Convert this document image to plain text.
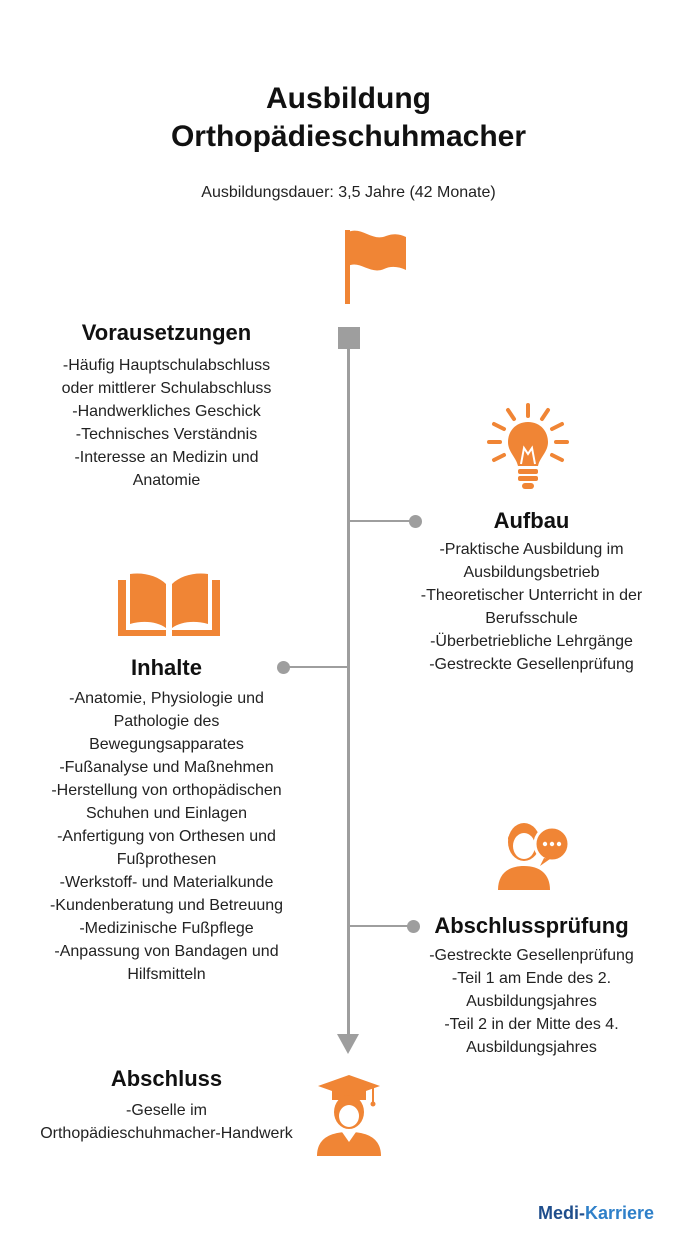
Ausbildung
Orthopädieschuhmacher
Ausbildungsdauer: 3,5 Jahre (42 Monate)
Vorausetzungen
-Häufig Hauptschulabschluss
oder mittlerer Schulabschluss
-Handwerkliches Geschick
-Technisches Verständnis
-Interesse an Medizin und
Anatomie
Aufbau
-Praktische Ausbildung im
Ausbildungsbetrieb
-Theoretischer Unterricht in der
Berufsschule
-Überbetriebliche Lehrgänge
-Gestreckte Gesellenprüfung
Inhalte
-Anatomie, Physiologie und
Pathologie des
Bewegungsapparates
-Fußanalyse und Maßnehmen
-Herstellung von orthopädischen
Schuhen und Einlagen
-Anfertigung von Orthesen und
Fußprothesen
-Werkstoff- und Materialkunde
-Kundenberatung und Betreuung
-Medizinische Fußpflege
-Anpassung von Bandagen und
Hilfsmitteln
Abschlussprüfung
-Gestreckte Gesellenprüfung
-Teil 1 am Ende des 2.
Ausbildungsjahres
-Teil 2 in der Mitte des 4.
Ausbildungsjahres
Abschluss
-Geselle im
Orthopädieschuhmacher-Handwerk
Medi-Karriere
